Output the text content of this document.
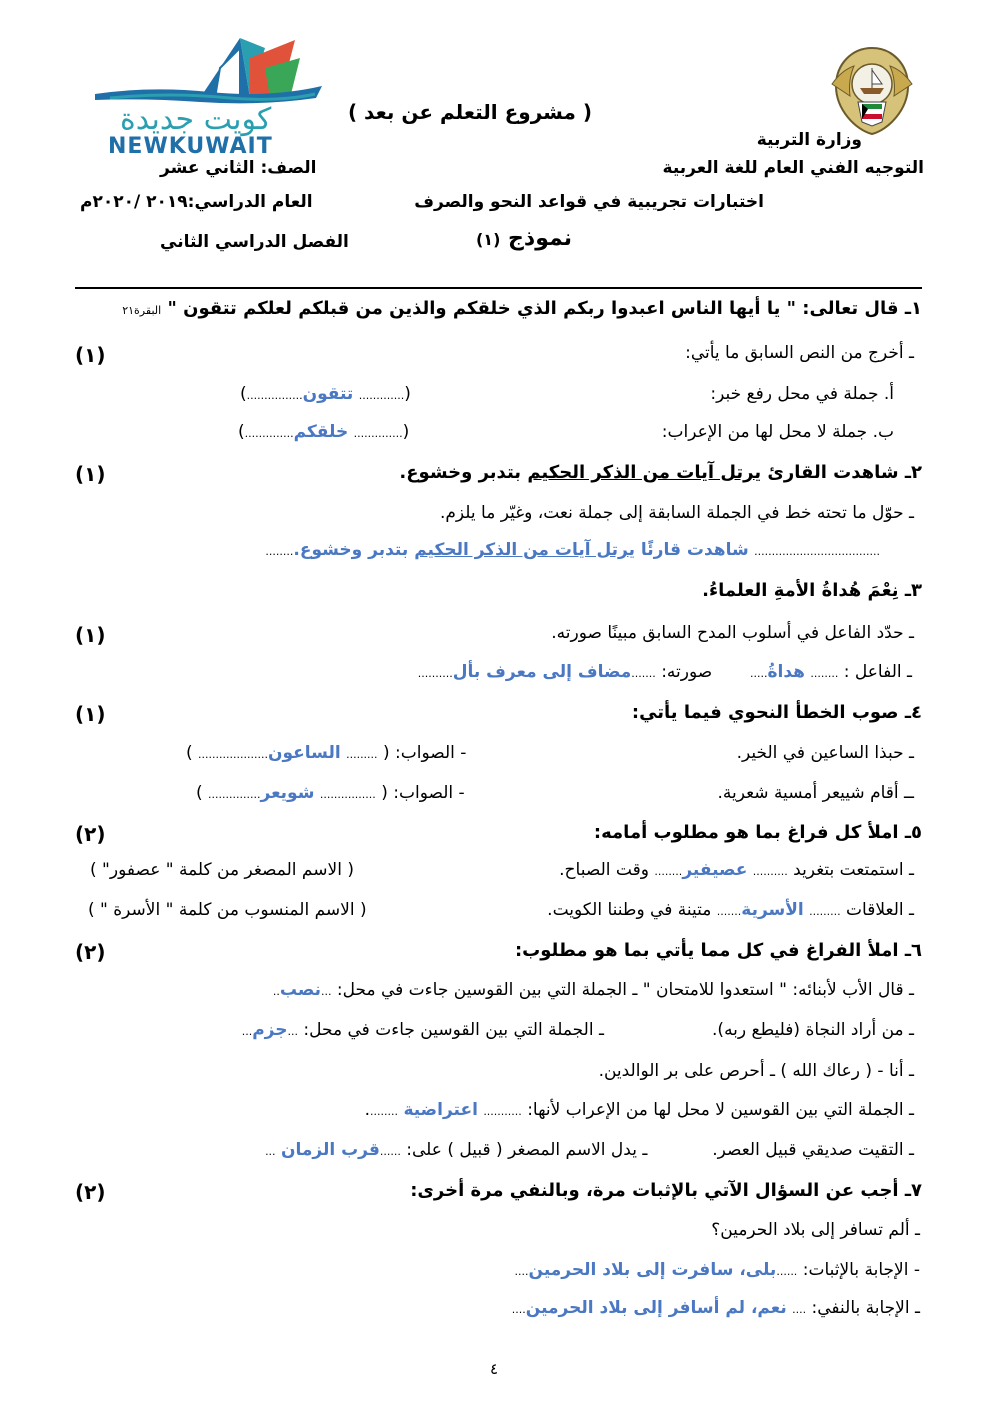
كويت جديدة
NEWKUWAIT
( مشروع التعلم عن بعد )
وزارة التربية
التوجيه الفني العام للغة العربية
الصف: الثاني عشر
اختبارات تجريبية في قواعد النحو والصرف
العام الدراسي:٢٠١٩ /٢٠٢٠م
نموذج (١)
الفصل الدراسي الثاني
١ـ قال تعالى: " يا أيها الناس اعبدوا ربكم الذي خلقكم والذين من قبلكم لعلكم تتقون " البقرة٢١
ـ أخرج من النص السابق ما يأتي:
(١)
أ. جملة في محل رفع خبر:
(............. تتقون................)
ب. جملة لا محل لها من الإعراب:
(.............. خلقكم..............)
٢ـ شاهدت القارئ يرتل آيات من الذكر الحكيم بتدبر وخشوع.
(١)
ـ حوّل ما تحته خط في الجملة السابقة إلى جملة نعت، وغيّر ما يلزم.
.................................... شاهدت قارئًا يرتل آيات من الذكر الحكيم بتدبر وخشوع.........
٣ـ نِعْمَ هُداةُ الأمةِ العلماءُ.
ـ حدّد الفاعل في أسلوب المدح السابق مبينًا صورته.
(١)
ـ الفاعل : ........ هداةُ.....       صورته: .......مضاف إلى معرف بأل..........
٤ـ صوب الخطأ النحوي فيما يأتي:
(١)
ـ حبذا الساعين في الخير.
- الصواب: ( ......... الساعون.................... )
ــ أقام شييعر أمسية شعرية.
- الصواب: ( ................ شويعر............... )
٥ـ املأ كل فراغ بما هو مطلوب أمامه:
(٢)
ـ استمتعت بتغريد .......... عصيفير........ وقت الصباح.
( الاسم المصغر من كلمة " عصفور" )
ـ العلاقات ......... الأسرية....... متينة في وطننا الكويت.
( الاسم المنسوب من كلمة " الأسرة " )
٦ـ املأ الفراغ في كل مما يأتي بما هو مطلوب:
(٢)
ـ قال الأب لأبنائه: " استعدوا للامتحان " ـ الجملة التي بين القوسين جاءت في محل: ...نصب..
ـ من أراد النجاة (فليطع ربه).                    ـ الجملة التي بين القوسين جاءت في محل: ...جزم...
ـ أنا - ( رعاك الله ) ـ أحرص على بر الوالدين.
ـ الجملة التي بين القوسين لا محل لها من الإعراب لأنها: ........... اعتراضية .........
ـ التقيت صديقي قبيل العصر.            ـ يدل الاسم المصغر ( قبيل ) على: ......قرب الزمان ...
٧ـ أجب عن السؤال الآتي بالإثبات مرة، وبالنفي مرة أخرى:
(٢)
ـ ألم تسافر إلى بلاد الحرمين؟
- الإجابة بالإثبات: ......بلى، سافرت إلى بلاد الحرمين....
ـ الإجابة بالنفي: .... نعم، لم أسافر إلى بلاد الحرمين....
٤
